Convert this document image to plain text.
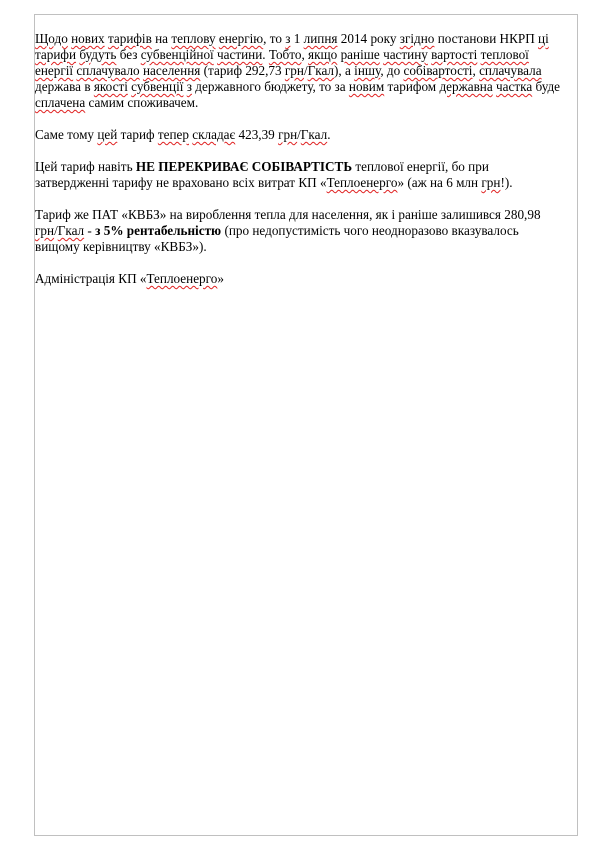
Щодо нових тарифів на теплову енергію, то з 1 липня 2014 року згідно постанови НКРП ці
тарифи будуть без субвенційної частини. Тобто, якщо раніше частину вартості теплової
енергії сплачувало населення (тариф 292,73 грн/Гкал), а іншу, до собівартості, сплачувала
держава в якості субвенції з державного бюджету, то за новим тарифом державна частка буде
сплачена самим споживачем.

Саме тому цей тариф тепер складає 423,39 грн/Гкал.

Цей тариф навіть НЕ ПЕРЕКРИВАЄ СОБІВАРТІСТЬ теплової енергії, бо при
затвердженні тарифу не враховано всіх витрат КП «Теплоенерго» (аж на 6 млн грн!).

Тариф же ПАТ «КВБЗ» на вироблення тепла для населення, як і раніше залишився 280,98
грн/Гкал - з 5% рентабельністю (про недопустимість чого неодноразово вказувалось
вищому керівництву «КВБЗ»).

Адміністрація КП «Теплоенерго»
